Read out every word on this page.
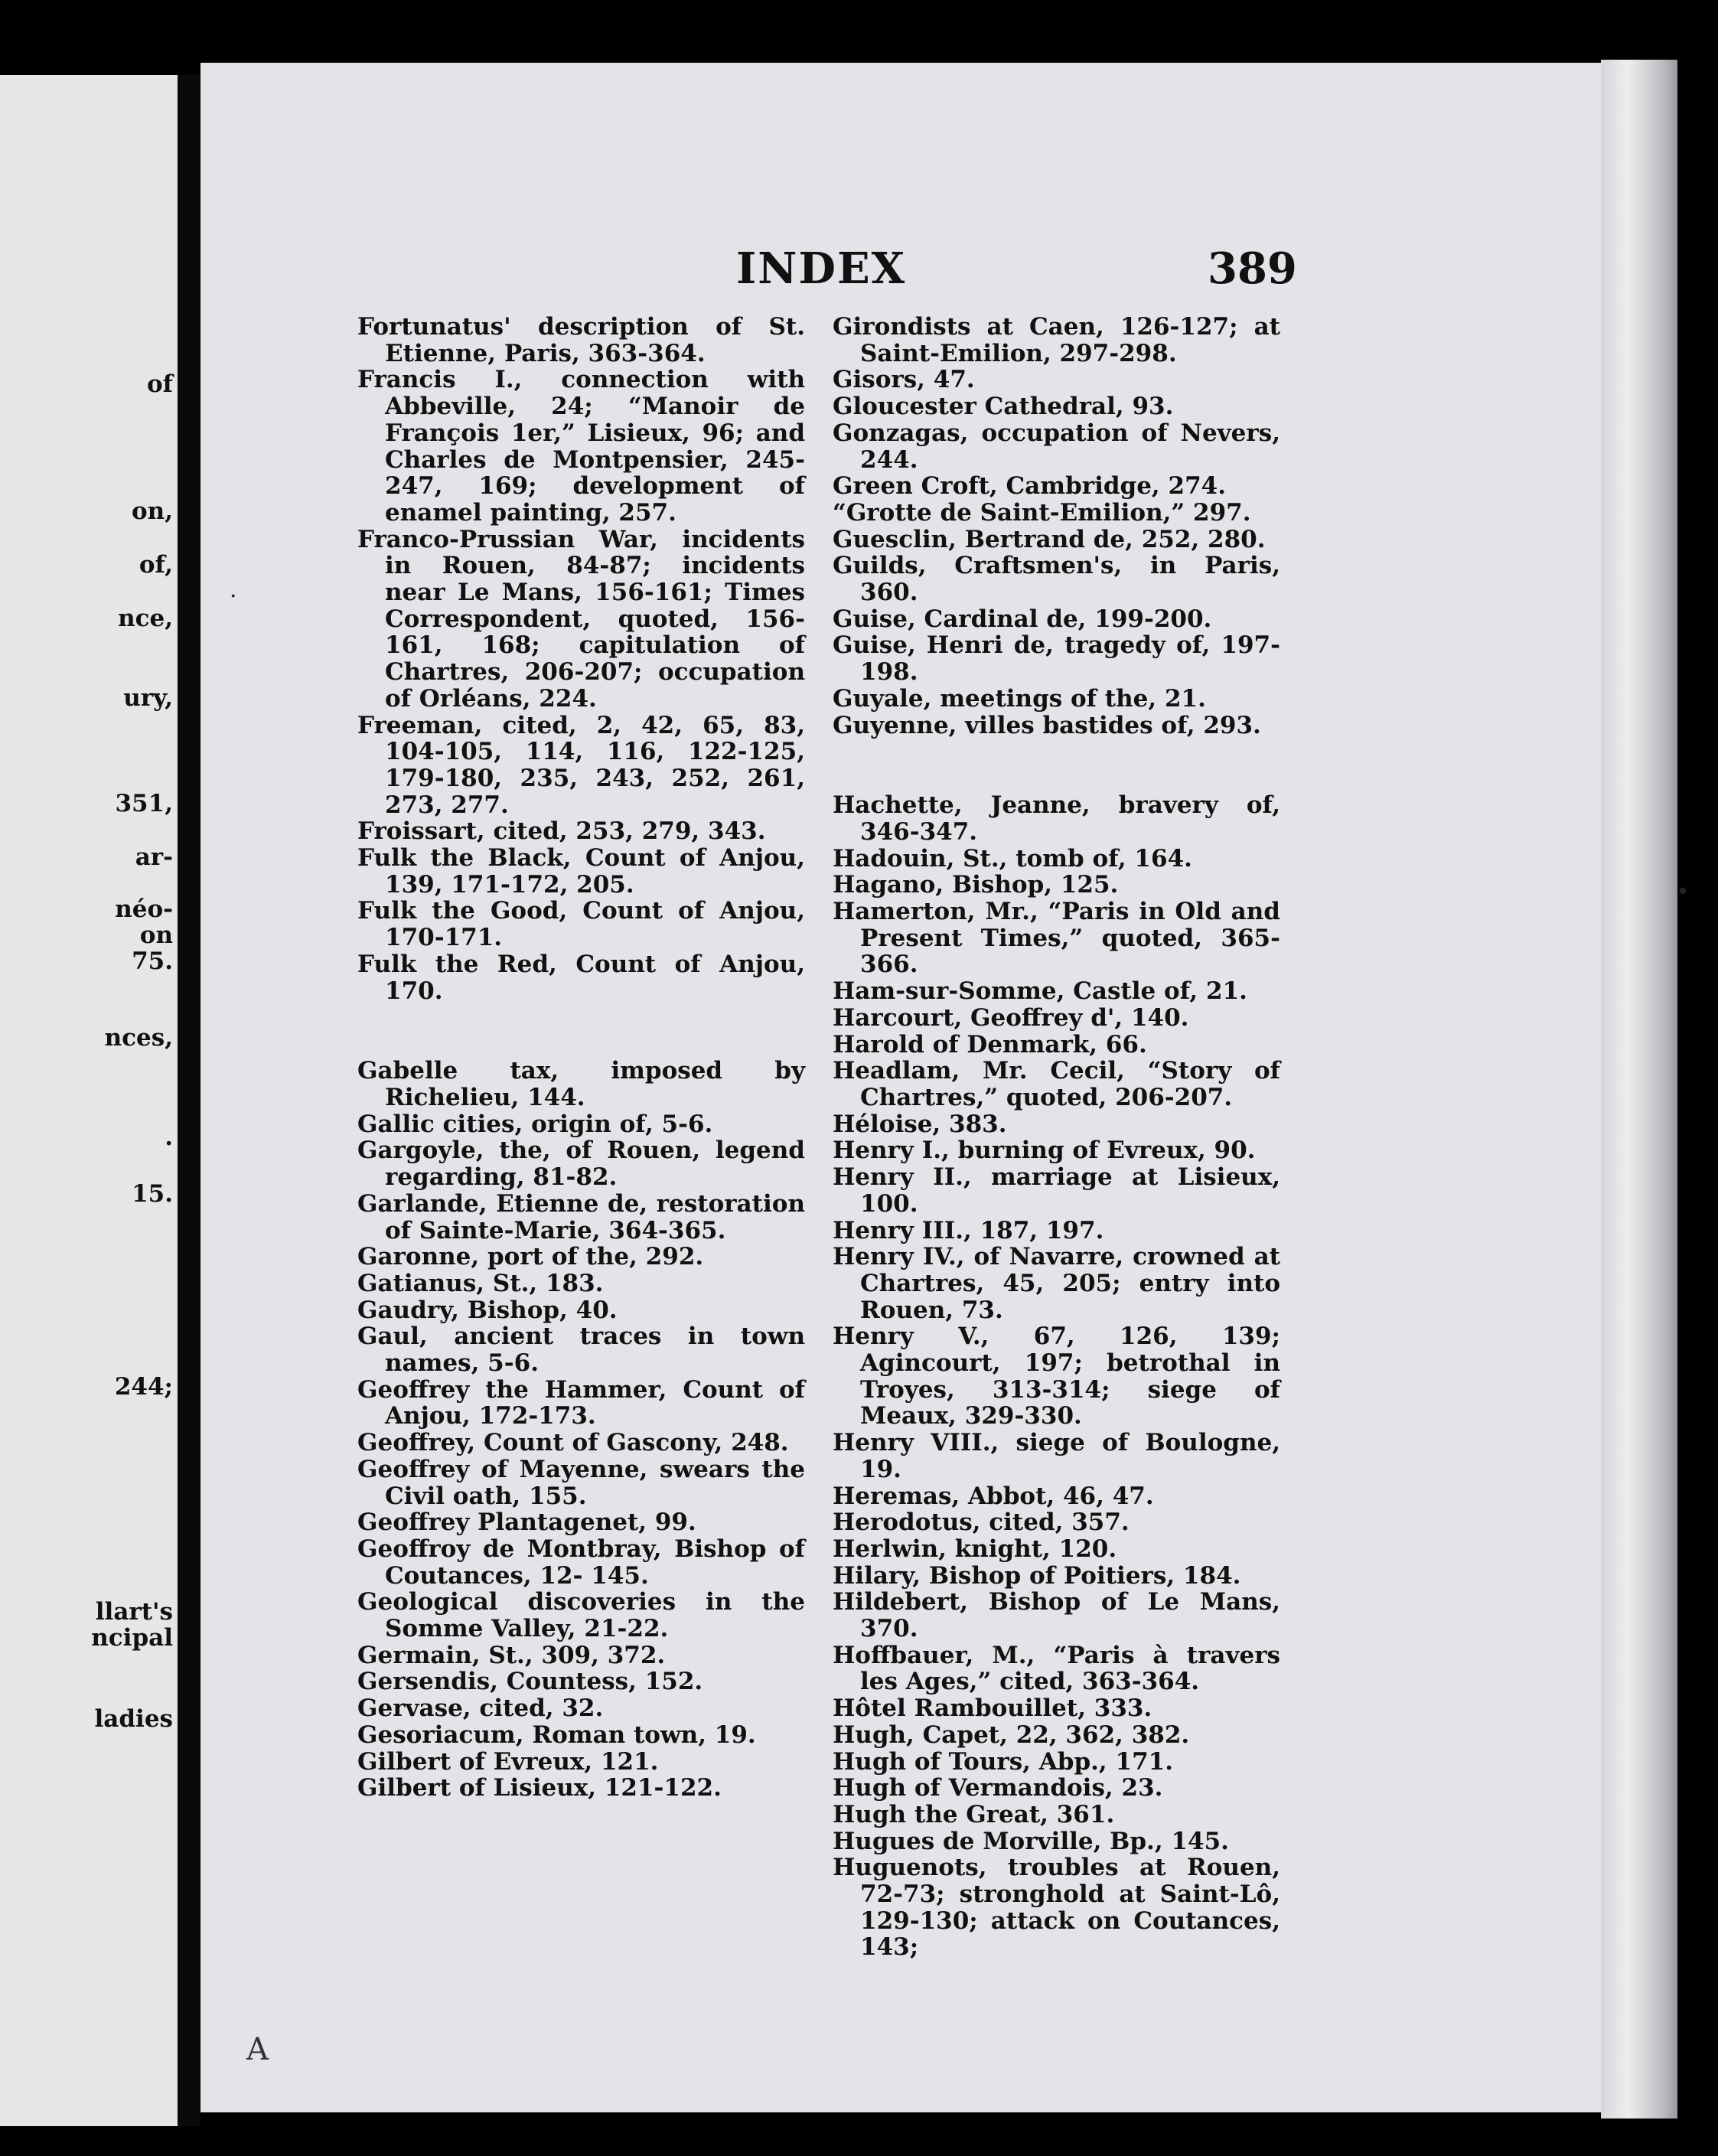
of
on,
of,
nce,
ury,
351,
ar-
néo-
on
75.
nces,
.
15.
244;
llart's
ncipal
ladies
INDEX	389
Fortunatus' description of St. Etienne, Paris, 363-364.
Francis I., connection with Abbeville, 24; “Manoir de François 1er,” Lisieux, 96; and Charles de Montpensier, 245-247, 169; development of enamel painting, 257.
Franco-Prussian War, incidents in Rouen, 84-87; incidents near Le Mans, 156-161; Times Correspondent, quoted, 156-161, 168; capitulation of Chartres, 206-207; occupation of Orléans, 224.
Freeman, cited, 2, 42, 65, 83, 104-105, 114, 116, 122-125, 179-180, 235, 243, 252, 261, 273, 277.
Froissart, cited, 253, 279, 343.
Fulk the Black, Count of Anjou, 139, 171-172, 205.
Fulk the Good, Count of Anjou, 170-171.
Fulk the Red, Count of Anjou, 170.
Gabelle tax, imposed by Richelieu, 144.
Gallic cities, origin of, 5-6.
Gargoyle, the, of Rouen, legend regarding, 81-82.
Garlande, Etienne de, restoration of Sainte-Marie, 364-365.
Garonne, port of the, 292.
Gatianus, St., 183.
Gaudry, Bishop, 40.
Gaul, ancient traces in town names, 5-6.
Geoffrey the Hammer, Count of Anjou, 172-173.
Geoffrey, Count of Gascony, 248.
Geoffrey of Mayenne, swears the Civil oath, 155.
Geoffrey Plantagenet, 99.
Geoffroy de Montbray, Bishop of Coutances, 12- 145.
Geological discoveries in the Somme Valley, 21-22.
Germain, St., 309, 372.
Gersendis, Countess, 152.
Gervase, cited, 32.
Gesoriacum, Roman town, 19.
Gilbert of Evreux, 121.
Gilbert of Lisieux, 121-122.
Girondists at Caen, 126-127; at Saint-Emilion, 297-298.
Gisors, 47.
Gloucester Cathedral, 93.
Gonzagas, occupation of Nevers, 244.
Green Croft, Cambridge, 274.
“Grotte de Saint-Emilion,” 297.
Guesclin, Bertrand de, 252, 280.
Guilds, Craftsmen's, in Paris, 360.
Guise, Cardinal de, 199-200.
Guise, Henri de, tragedy of, 197-198.
Guyale, meetings of the, 21.
Guyenne, villes bastides of, 293.
Hachette, Jeanne, bravery of, 346-347.
Hadouin, St., tomb of, 164.
Hagano, Bishop, 125.
Hamerton, Mr., “Paris in Old and Present Times,” quoted, 365-366.
Ham-sur-Somme, Castle of, 21.
Harcourt, Geoffrey d', 140.
Harold of Denmark, 66.
Headlam, Mr. Cecil, “Story of Chartres,” quoted, 206-207.
Héloise, 383.
Henry I., burning of Evreux, 90.
Henry II., marriage at Lisieux, 100.
Henry III., 187, 197.
Henry IV., of Navarre, crowned at Chartres, 45, 205; entry into Rouen, 73.
Henry V., 67, 126, 139; Agincourt, 197; betrothal in Troyes, 313-314; siege of Meaux, 329-330.
Henry VIII., siege of Boulogne, 19.
Heremas, Abbot, 46, 47.
Herodotus, cited, 357.
Herlwin, knight, 120.
Hilary, Bishop of Poitiers, 184.
Hildebert, Bishop of Le Mans, 370.
Hoffbauer, M., “Paris à travers les Ages,” cited, 363-364.
Hôtel Rambouillet, 333.
Hugh, Capet, 22, 362, 382.
Hugh of Tours, Abp., 171.
Hugh of Vermandois, 23.
Hugh the Great, 361.
Hugues de Morville, Bp., 145.
Huguenots, troubles at Rouen, 72-73; stronghold at Saint-Lô, 129-130; attack on Coutances, 143;
A
·
•
